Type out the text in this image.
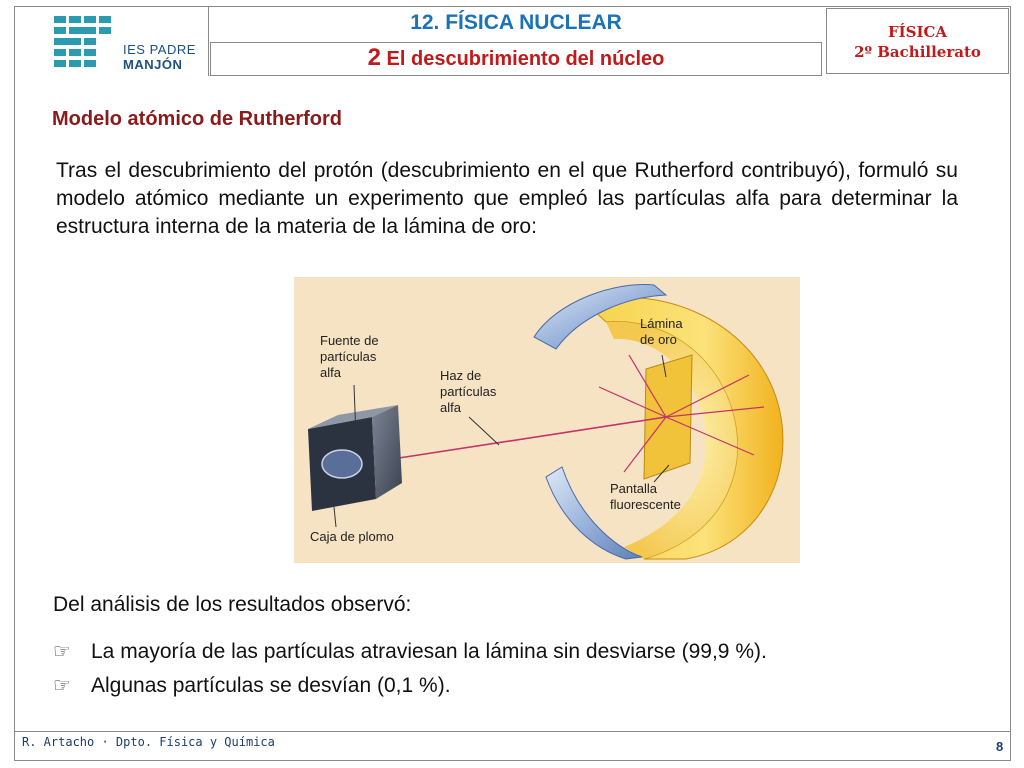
IES PADRE
MANJÓN
12. FÍSICA NUCLEAR
2 El descubrimiento del núcleo
FÍSICA
2º Bachillerato
Modelo atómico de Rutherford
Tras el descubrimiento del protón (descubrimiento en el que Rutherford contribuyó), formuló su modelo atómico mediante un experimento que empleó las partículas alfa para determinar la estructura interna de la materia de la lámina de oro:
Fuente de
partículas
alfa	Haz de
partículas
alfa
Lámina
de oro
Pantalla
fluorescente
Caja de plomo
Del análisis de los resultados observó:
☞ La mayoría de las partículas atraviesan la lámina sin desviarse (99,9 %).
☞ Algunas partículas se desvían (0,1 %).
R. Artacho · Dpto. Física y Química	8
